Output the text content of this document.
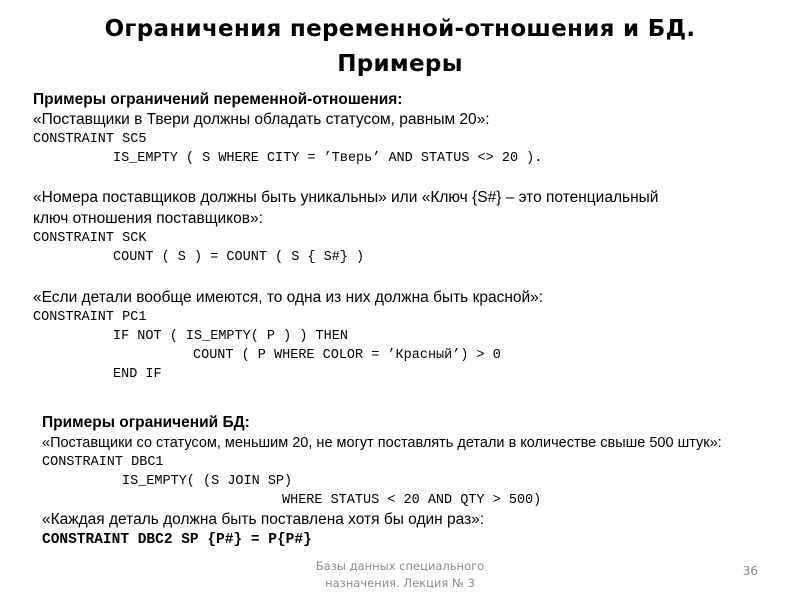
Ограничения переменной-отношения и БД.
Примеры
Примеры ограничений переменной-отношения:
«Поставщики в Твери должны обладать статусом, равным 20»:
CONSTRAINT SC5
IS_EMPTY ( S WHERE CITY = ’Тверь’ AND STATUS <> 20 ).
«Номера поставщиков должны быть уникальны» или «Ключ {S#} – это потенциальный
ключ отношения поставщиков»:
CONSTRAINT SCK
COUNT ( S ) = COUNT ( S { S#} )
«Если детали вообще имеются, то одна из них должна быть красной»:
CONSTRAINT PC1
IF NOT ( IS_EMPTY( P ) ) THEN
COUNT ( P WHERE COLOR = ’Красный’) > 0
END IF
Примеры ограничений БД:
«Поставщики со статусом, меньшим 20, не могут поставлять детали в количестве свыше 500 штук»:
CONSTRAINT DBC1
IS_EMPTY( (S JOIN SP)
WHERE STATUS < 20 AND QTY > 500)
«Каждая деталь должна быть поставлена хотя бы один раз»:
CONSTRAINT DBC2 SP {P#} = P{P#}
Базы данных специального
назначения. Лекция № 3
36
